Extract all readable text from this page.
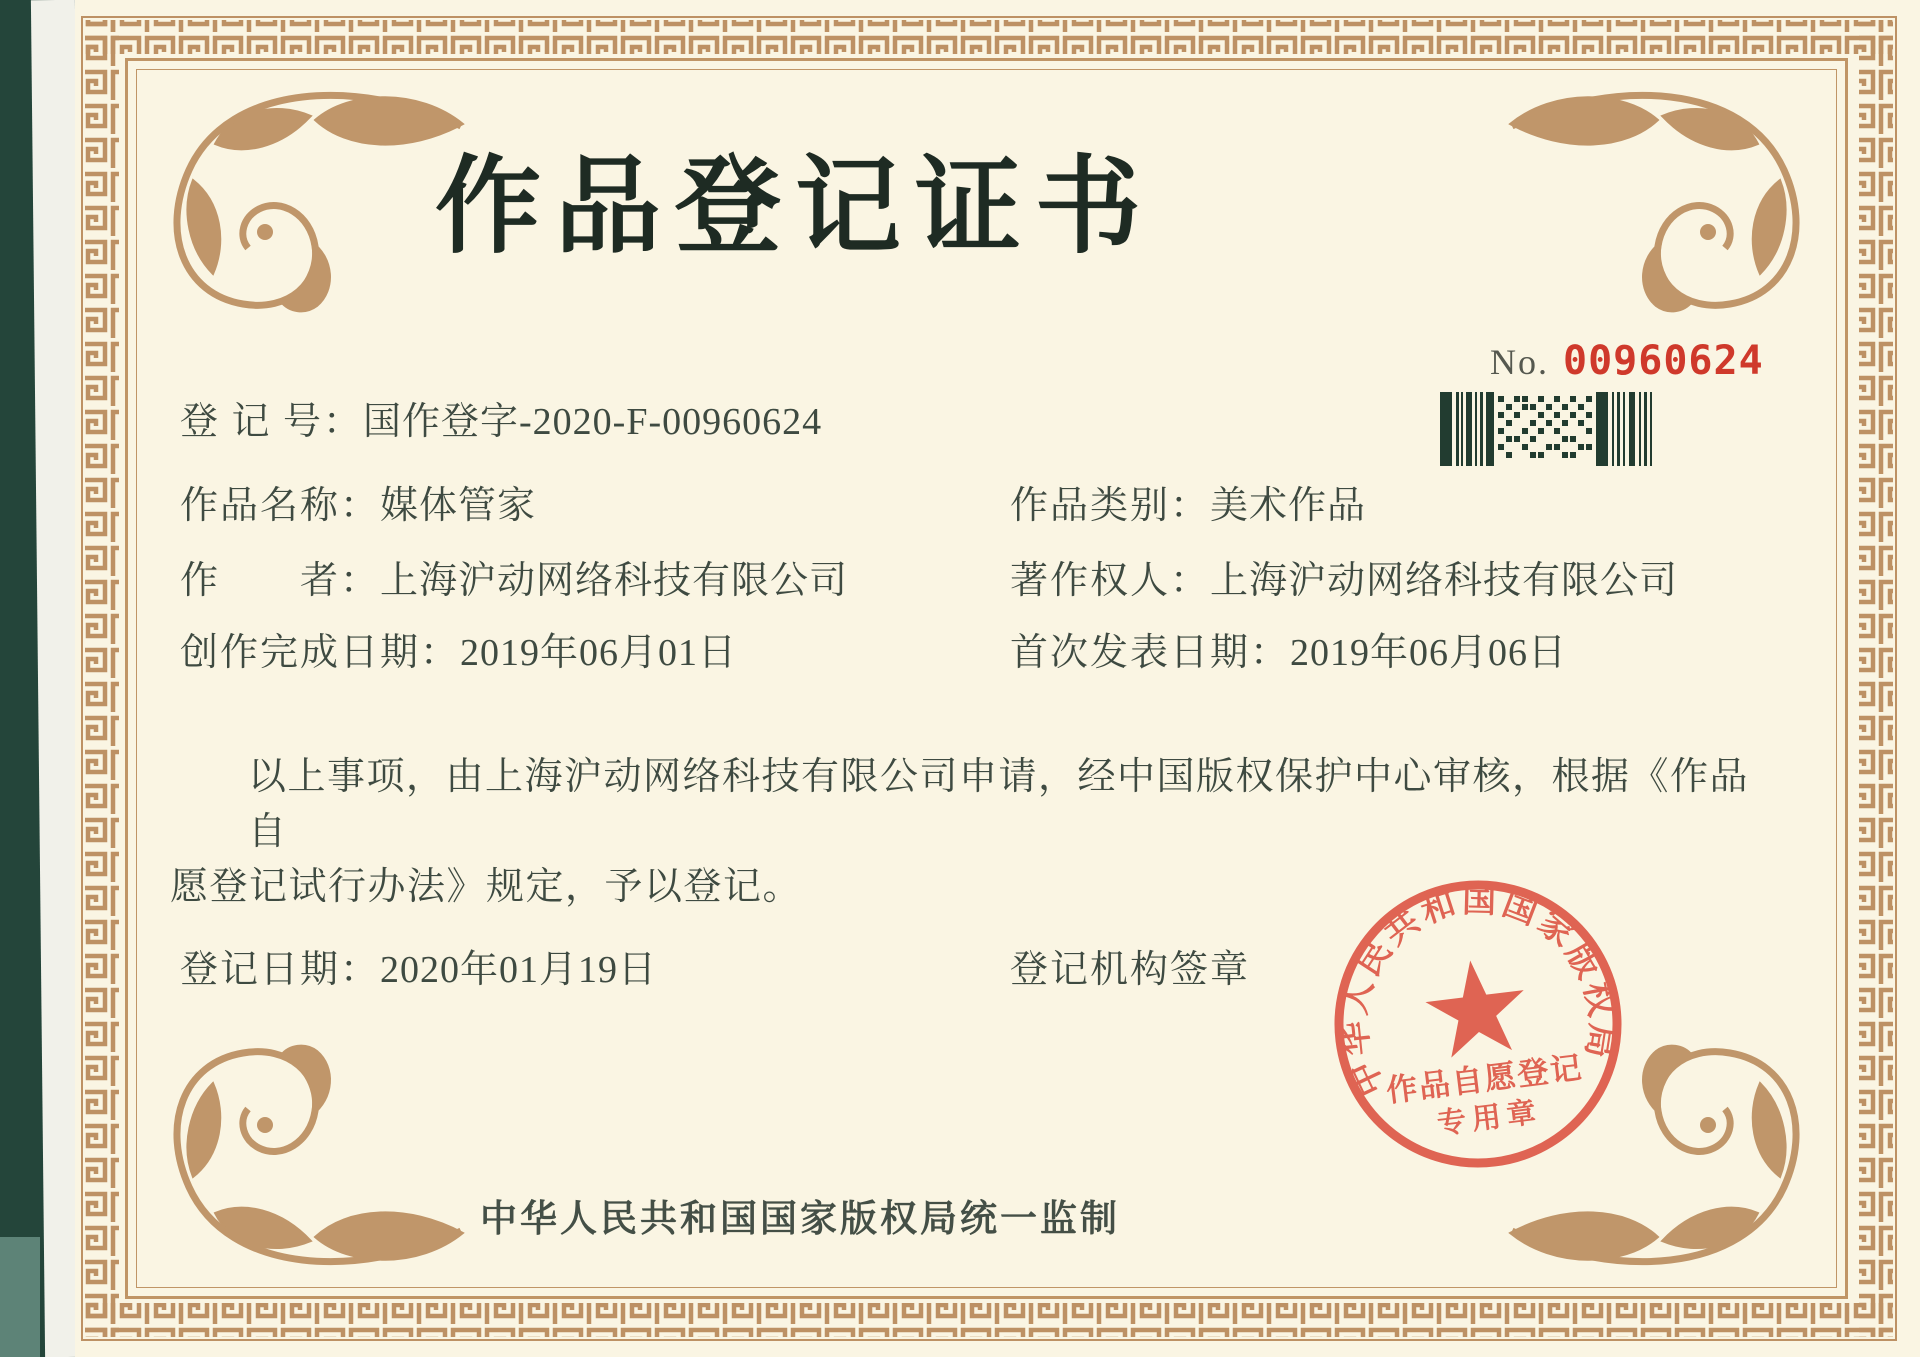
作品登记证书
No. 00960624
登 记 号：国作登字-2020-F-00960624
作品名称：媒体管家	作品类别：美术作品
作　　者：上海沪动网络科技有限公司	著作权人：上海沪动网络科技有限公司
创作完成日期：2019年06月01日	首次发表日期：2019年06月06日
以上事项，由上海沪动网络科技有限公司申请，经中国版权保护中心审核，根据《作品自
愿登记试行办法》规定，予以登记。
登记日期：2020年01月19日	登记机构签章
中华人民共和国国家版权局
作品自愿登记
专用章
中华人民共和国国家版权局统一监制
